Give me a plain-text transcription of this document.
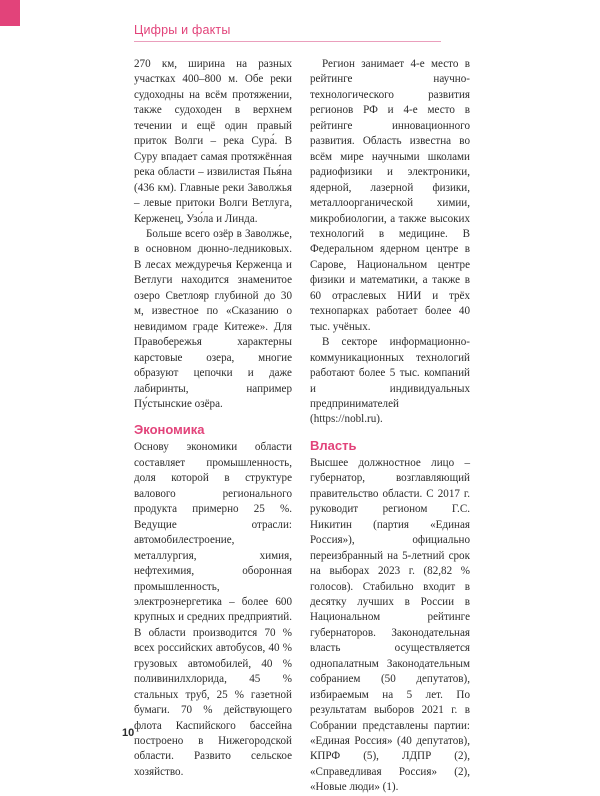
Цифры и факты

270 км, ширина на разных участках 400–800 м. Обе реки судоходны на всём протяжении, также судоходен в верхнем течении и ещё один правый приток Волги – река Сура́. В Суру впадает самая протяжённая река области – извилистая Пья́на (436 км). Главные реки Заволжья – левые притоки Волги Ветлуга, Керженец, Узо́ла и Линда.

Больше всего озёр в Заволжье, в основном дюнно-ледниковых. В лесах междуречья Керженца и Ветлуги находится знаменитое озеро Светлояр глубиной до 30 м, известное по «Сказанию о невидимом граде Китеже». Для Правобережья характерны карстовые озера, многие образуют цепочки и даже лабиринты, например Пу́стынские озёра.

Экономика

Основу экономики области составляет промышленность, доля которой в структуре валового регионального продукта примерно 25 %. Ведущие отрасли: автомобилестроение, металлургия, химия, нефтехимия, оборонная промышленность, электроэнергетика – более 600 крупных и средних предприятий. В области производится 70 % всех российских автобусов, 40 % грузовых автомобилей, 40 % поливинилхлорида, 45 % стальных труб, 25 % газетной бумаги. 70 % действующего флота Каспийского бассейна построено в Нижегородской области. Развито сельское хозяйство.

Регион занимает 4-е место в рейтинге научно-технологического развития регионов РФ и 4-е место в рейтинге инновационного развития. Область известна во всём мире научными школами радиофизики и электроники, ядерной, лазерной физики, металлоорганической химии, микробиологии, а также высоких технологий в медицине. В Федеральном ядерном центре в Сарове, Национальном центре физики и математики, а также в 60 отраслевых НИИ и трёх технопарках работает более 40 тыс. учёных.

В секторе информационно-коммуникационных технологий работают более 5 тыс. компаний и индивидуальных предпринимателей (https://nobl.ru).

Власть

Высшее должностное лицо – губернатор, возглавляющий правительство области. С 2017 г. руководит регионом Г.С. Никитин (партия «Единая Россия»), официально переизбранный на 5-летний срок на выборах 2023 г. (82,82 % голосов). Стабильно входит в десятку лучших в России в Национальном рейтинге губернаторов. Законодательная власть осуществляется однопалатным Законодательным собранием (50 депутатов), избираемым на 5 лет. По результатам выборов 2021 г. в Собрании представлены партии: «Единая Россия» (40 депутатов), КПРФ (5), ЛДПР (2), «Справедливая Россия» (2), «Новые люди» (1).

10
